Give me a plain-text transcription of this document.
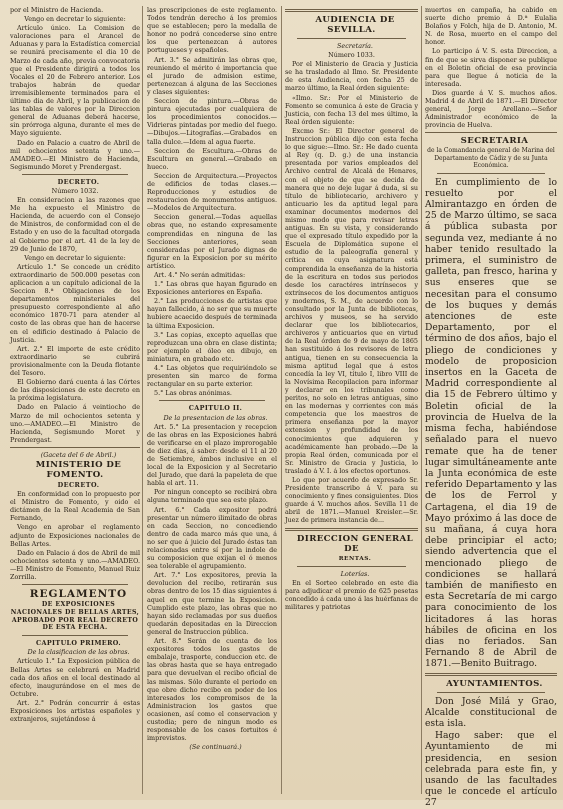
por el Ministro de Hacienda.

Vengo en decretar lo siguiente:

Artículo único. La Comision de valoraciones para el Arancel de Aduanas y para la Estadística comercial se reunirá precisamente el dia 10 de Marzo de cada año, previa convocatoria que el Presidente dirigirá a todos los Vocales el 20 de Febrero anterior. Los trabajos habrán de quedar irremisiblemente terminados para el último dia de Abril, y la publicacion de las tablas de valores por la Direccion general de Aduanas deberá hacerse, sin prórroga alguna, durante el mes de Mayo siguiente.

Dado en Palacio a cuatro de Abril de mil ochocientos setenta y uno.—AMADEO.—El Ministro de Hacienda, Segismundo Moret y Prendergast.

DECRETO.

Número 1032.

En consideracion a las razones que Me ha expuesto el Ministro de Hacienda, de acuerdo con el Consejo de Ministros, de conformidad con el de Estado y en uso de la facultad otorgada al Gobierno por el art. 41 de la ley de 29 de Junio de 1870,

Vengo en decretar lo siguiente:

Artículo 1.° Se concede un crédito extraordinario de 500.000 pesetas con aplicacion a un capítulo adicional de la Seccion 8.ª Obligaciones de los departamentos ministeriales del presupuesto correspondiente al año económico 1870-71 para atender al costo de las obras que han de hacerse en el edificio destinado á Palacio de Justicia.

Art. 2.° El importe de este crédito extraordinario se cubrirá provisionalmente con la Deuda flotante del Tesoro.

El Gobierno dará cuenta á las Córtes de las disposiciones de este decreto en la próxima legislatura.

Dado en Palacio á veintiocho de Marzo de mil ochocientos setenta y uno.—AMADEO.—El Ministro de Hacienda, Segismundo Moret y Prendergast.

(Gaceta del 6 de Abril.)

MINISTERIO DE FOMENTO.

DECRETO.

En conformidad con lo propuesto por el Ministro de Fomento, y oido el dictámen de la Real Academia de San Fernando,

Vengo en aprobar el reglamento adjunto de Exposiciones nacionales de Bellas Artes.

Dado en Palacio á dos de Abril de mil ochocientos setenta y uno.—AMADEO.—El Ministro de Fomento, Manuel Ruiz Zorrilla.

REGLAMENTO

DE EXPOSICIONES NACIONALES DE BELLAS ARTES, APROBADO POR REAL DECRETO DE ESTA FECHA.

CAPITULO PRIMERO.

De la clasificacion de las obras.

Artículo 1.° La Exposicion pública de Bellas Artes se celebrará en Madrid cada dos años en el local destinado al efecto, inaugurándose en el mes de Octubre.

Art. 2.° Podrán concurrir á estas Exposiciones los artistas españoles y extranjeros, sujetándose á

las prescripciones de este reglamento. Todos tendrán derecho á los premios que se establecen; pero la medalla de honor no podrá concederse sino entre los que pertenezcan á autores portugueses y españoles.

Art. 3.° Se admitirán las obras que, reuniendo el mérito é importancia que el jurado de admision estime, pertenezcan á alguna de las Secciones y clases siguientes:

Seccion de pintura.—Obras de pintura ejecutadas por cualquiera de los procedimientos conocidos.—Vidrieras pintadas por medio del fuego.—Dibujos.—Litografías.—Grabados en talla dulce.—Idem al agua fuerte.

Seccion de Escultura.—Obras de Escultura en general.—Grabado en hueco.

Seccion de Arquitectura.—Proyectos de edificios de todas clases.—Reproducciones y estudios de restauracion de monumentos antiguos.—Modelos de Arquitectura.

Seccion general.—Todas aquellas obras que, no estando expresamente comprendidas en ninguna de las Secciones anteriores, sean consideradas por el Jurado dignas de figurar en la Exposicion por su mérito artístico.

Art. 4.° No serán admitidas:

1.° Las obras que hayan figurado en Exposiciones anteriores en España.

2.° Las producciones de artistas que hayan fallecido, á no ser que su muerte hubiere acaecido después de terminada la última Exposicion.

3.° Las copias, excepto aquellas que reproduzcan una obra en clase distinta; por ejemplo el óleo en dibujo, en miniatura, en grabado etc.

4.° Las objetos que requiriéndolo se presenten sin marco de forma rectangular en su parte exterior.

5.° Las obras anónimas.

CAPITULO II.

De la presentacion de las obras.

Art. 5.° La presentacion y recepcion de las obras en las Exposiciones habrá de verificarse en el plazo improrogable de diez días, á saber: desde el 11 al 20 de Setiembre, ámbos inclusive en el local de la Exposicion y al Secretario del Jurado, que dará la papeleta de que habla el art. 11.

Por ningun concepto se recibirá obra alguna terminado que sea este plazo.

Art. 6.° Cada expositor podrá presentar un número ilimitado de obras en cada Seccion, no concediendo dentro de cada marco más que una, á no ser que á juicio del Jurado éstas tan relacionadas entre sí por la indole de su composicion que exijan el ó menos sea tolerable el agrupamiento.

Art. 7.° Los expositores, previa la devolucion del recibo, retirarán sus obras dentro de los 15 dias siguientes á aquel en que termine la Exposicion. Cumplido este plazo, las obras que no hayan sido reclamadas por sus dueños quedarán depositadas en la Direccion general de Instruccion pública.

Art. 8.° Serán de cuenta de los expositores todos los gastos de embalaje, trasporte, conduccion etc. de las obras hasta que se haya entregado para que devuelvan el recibo oficial de las mismas. Sólo durante el periodo en que obre dicho recibo en poder de los interesados los compromisos de la Administracion los gastos que ocasionen, así como el conservacion y custodia; pero de ningun modo es responsable de los casos fortuitos é imprevistos.

(Se continuará.)

AUDIENCIA DE SEVILLA.

Secretaría.

Número 1033.

Por el Ministerio de Gracia y Justicia se ha trasladado al Ilmo. Sr. Presidente de esta Audiencia, con fecha 25 de marzo último, la Real órden siguiente:

«Ilmo. Sr.: Por el Ministerio de Fomento se comunica á este de Gracia y Justicia, con fecha 13 del mes último, la Real órden siguiente:

Excmo Sr.: El Director general de Instruccion pública dijo con esta fecha lo que sigue:—Ilmo. Sr.: He dado cuenta al Rey (q. D. g.) de una instancia presentada por varios empleados del Archivo central de Alcalá de Henares, con el objeto de que se decida de manera que no deje lugar á duda, si su título de bibliotecario, archivero y anticuario les da aptitud legal para examinar documentos modernos del mismo modo que para revisar letras antiguas. En su vista, y considerando que el expresado título expedido por la Escuela de Diplomática supone el estudio de la paleografía general y crítica en cuya asignatura está comprendida la enseñanza de la historia de la escritura en todos sus periodos desde los caractéres intrínsecos y extrínsecos de los documentos antiguos y modernos, S. M., de acuerdo con lo consultado por la Junta de bibliotecas, archivos y museos, se ha servido declarar que los bibliotecarios, archiveros y anticuarios que en virtud de la Real órden de 9 de mayo de 1865 han sustituido á los revisores de letra antigua, tienen en su consecuencia la misma aptitud legal que á estos concedía la ley VI, título I, libro VIII de la Novísima Recopilacion para informar y declarar en los tribunales como peritos, no solo en letras antiguas, sino en las modernas y corrientes con más competencia que los maestros de primera enseñanza por la mayor extension y profundidad de los conocimientos que adquieren y académicamente han probado.—De la propia Real órden, comunicada por el Sr. Ministro de Gracia y Justicia, lo traslado á V. I. á los efectos oportunos.

Lo que por acuerdo de expresado Sr. Presidente transcribo á V. para su conocimiento y fines consiguientes. Dios guarde á V. muchos años. Sevilla 11 de abril de 1871.—Manuel Kreisler.—Sr. Juez de primera instancia de...

DIRECCION GENERAL DE

RENTAS.

Loterías.

En el Sorteo celebrado en este dia para adjudicar el premio de 625 pesetas concedido á cada uno á las huérfanas de militares y patriotas

muertos en campaña, ha cabido en suerte dicho premio á D.ª Eulalia Bolaños y Folch, hija de D. Antonio, M. N. de Rosa, muerto en el campo del honor.

Lo participo á V. S. esta Direccion, a fin de que se sirva disponer se publique en el Boletin oficial de esa provincia para que llegue á noticia de la interesada.

Dios guarde á V. S. muchos años. Madrid 4 de Abril de 1871.—El Director general, Jorge Arellano.—Señor Administrador económico de la provincia de Huelva.

SECRETARIA

de la Comandancia general de Marina del Departamento de Cádiz y de su Junta Económica.

En cumplimiento de lo resuelto por el Almirantazgo en órden de 25 de Marzo último, se saca á pública subasta por segunda vez, mediante á no haber tenido resultado la primera, el suministro de galleta, pan fresco, harina y sus enseres que se necesitan para el consumo de los buques y demás atenciones de este Departamento, por el término de dos años, bajo el pliego de condiciones y modelo de proposicion insertos en la Gaceta de Madrid correspondiente al dia 15 de Febrero último y Boletin oficial de la provincia de Huelva de la misma fecha, habiéndose señalado para el nuevo remate que ha de tener lugar simultáneamente ante la Junta económica de este referido Departamento y las de los de Ferrol y Cartagena, el dia 19 de Mayo próximo á las doce de su mañana, á cuya hora debe principiar el acto; siendo advertencia que el mencionado pliego de condiciones se hallará también de manifiesto en esta Secretaría de mi cargo para conocimiento de los licitadores á las horas hábiles de oficina en los dias no feriados. San Fernando 8 de Abril de 1871.—Benito Buitrago.

AYUNTAMIENTOS.

Don José Milá y Grao, Alcalde constitucional de esta isla.

Hago saber: que el Ayuntamiento de mi presidencia, en sesion celebrada para este fin, y usando de las facultades que le concede el artículo 27
